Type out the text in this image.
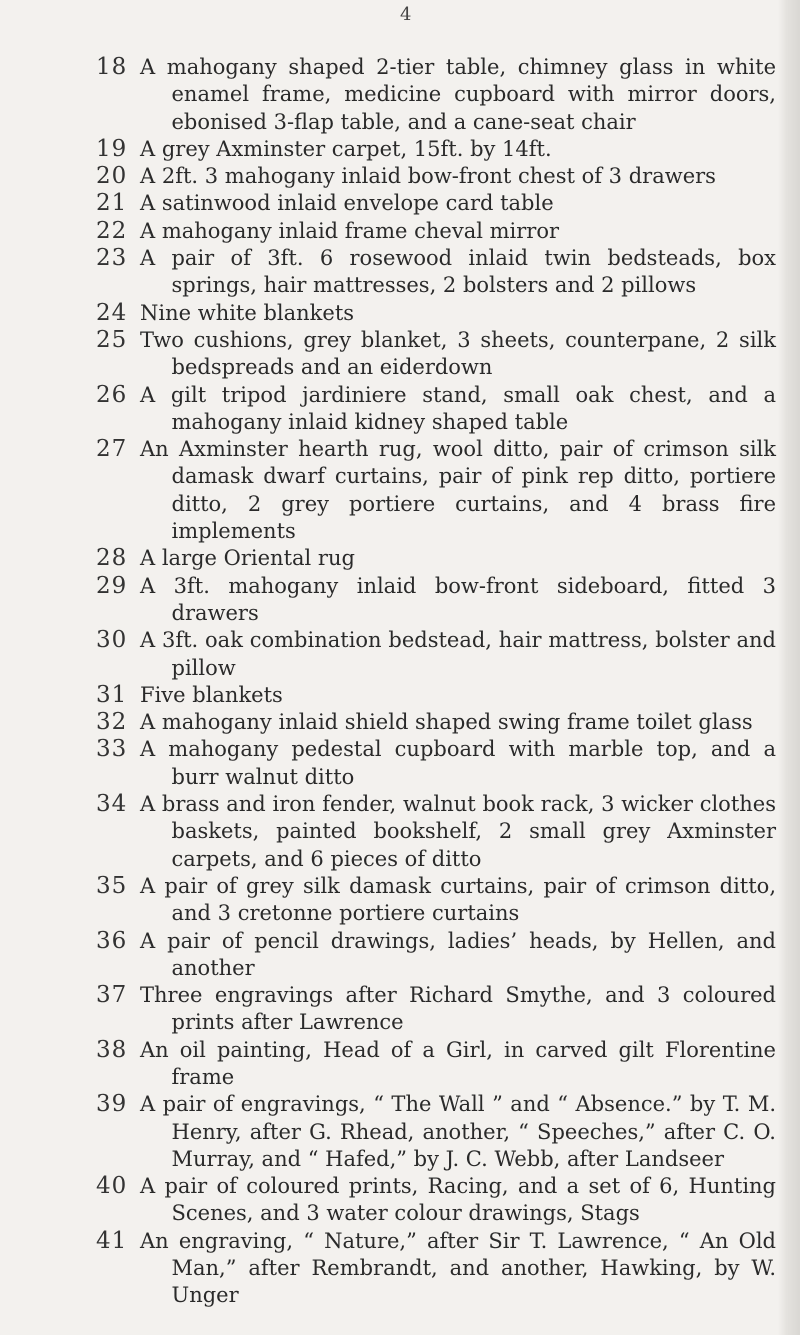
4
18 A mahogany shaped 2-tier table, chimney glass in white enamel frame, medicine cupboard with mirror doors, ebonised 3-flap table, and a cane-seat chair
19 A grey Axminster carpet, 15ft. by 14ft.
20 A 2ft. 3 mahogany inlaid bow-front chest of 3 drawers
21 A satinwood inlaid envelope card table
22 A mahogany inlaid frame cheval mirror
23 A pair of 3ft. 6 rosewood inlaid twin bedsteads, box springs, hair mattresses, 2 bolsters and 2 pillows
24 Nine white blankets
25 Two cushions, grey blanket, 3 sheets, counterpane, 2 silk bedspreads and an eiderdown
26 A gilt tripod jardiniere stand, small oak chest, and a mahogany inlaid kidney shaped table
27 An Axminster hearth rug, wool ditto, pair of crimson silk damask dwarf curtains, pair of pink rep ditto, portiere ditto, 2 grey portiere curtains, and 4 brass fire implements
28 A large Oriental rug
29 A 3ft. mahogany inlaid bow-front sideboard, fitted 3 drawers
30 A 3ft. oak combination bedstead, hair mattress, bolster and pillow
31 Five blankets
32 A mahogany inlaid shield shaped swing frame toilet glass
33 A mahogany pedestal cupboard with marble top, and a burr walnut ditto
34 A brass and iron fender, walnut book rack, 3 wicker clothes baskets, painted bookshelf, 2 small grey Axminster carpets, and 6 pieces of ditto
35 A pair of grey silk damask curtains, pair of crimson ditto, and 3 cretonne portiere curtains
36 A pair of pencil drawings, ladies’ heads, by Hellen, and another
37 Three engravings after Richard Smythe, and 3 coloured prints after Lawrence
38 An oil painting, Head of a Girl, in carved gilt Florentine frame
39 A pair of engravings, “ The Wall ” and “ Absence.” by T. M. Henry, after G. Rhead, another, “ Speeches,” after C. O. Murray, and “ Hafed,” by J. C. Webb, after Landseer
40 A pair of coloured prints, Racing, and a set of 6, Hunting Scenes, and 3 water colour drawings, Stags
41 An engraving, “ Nature,” after Sir T. Lawrence, “ An Old Man,” after Rembrandt, and another, Hawking, by W. Unger
